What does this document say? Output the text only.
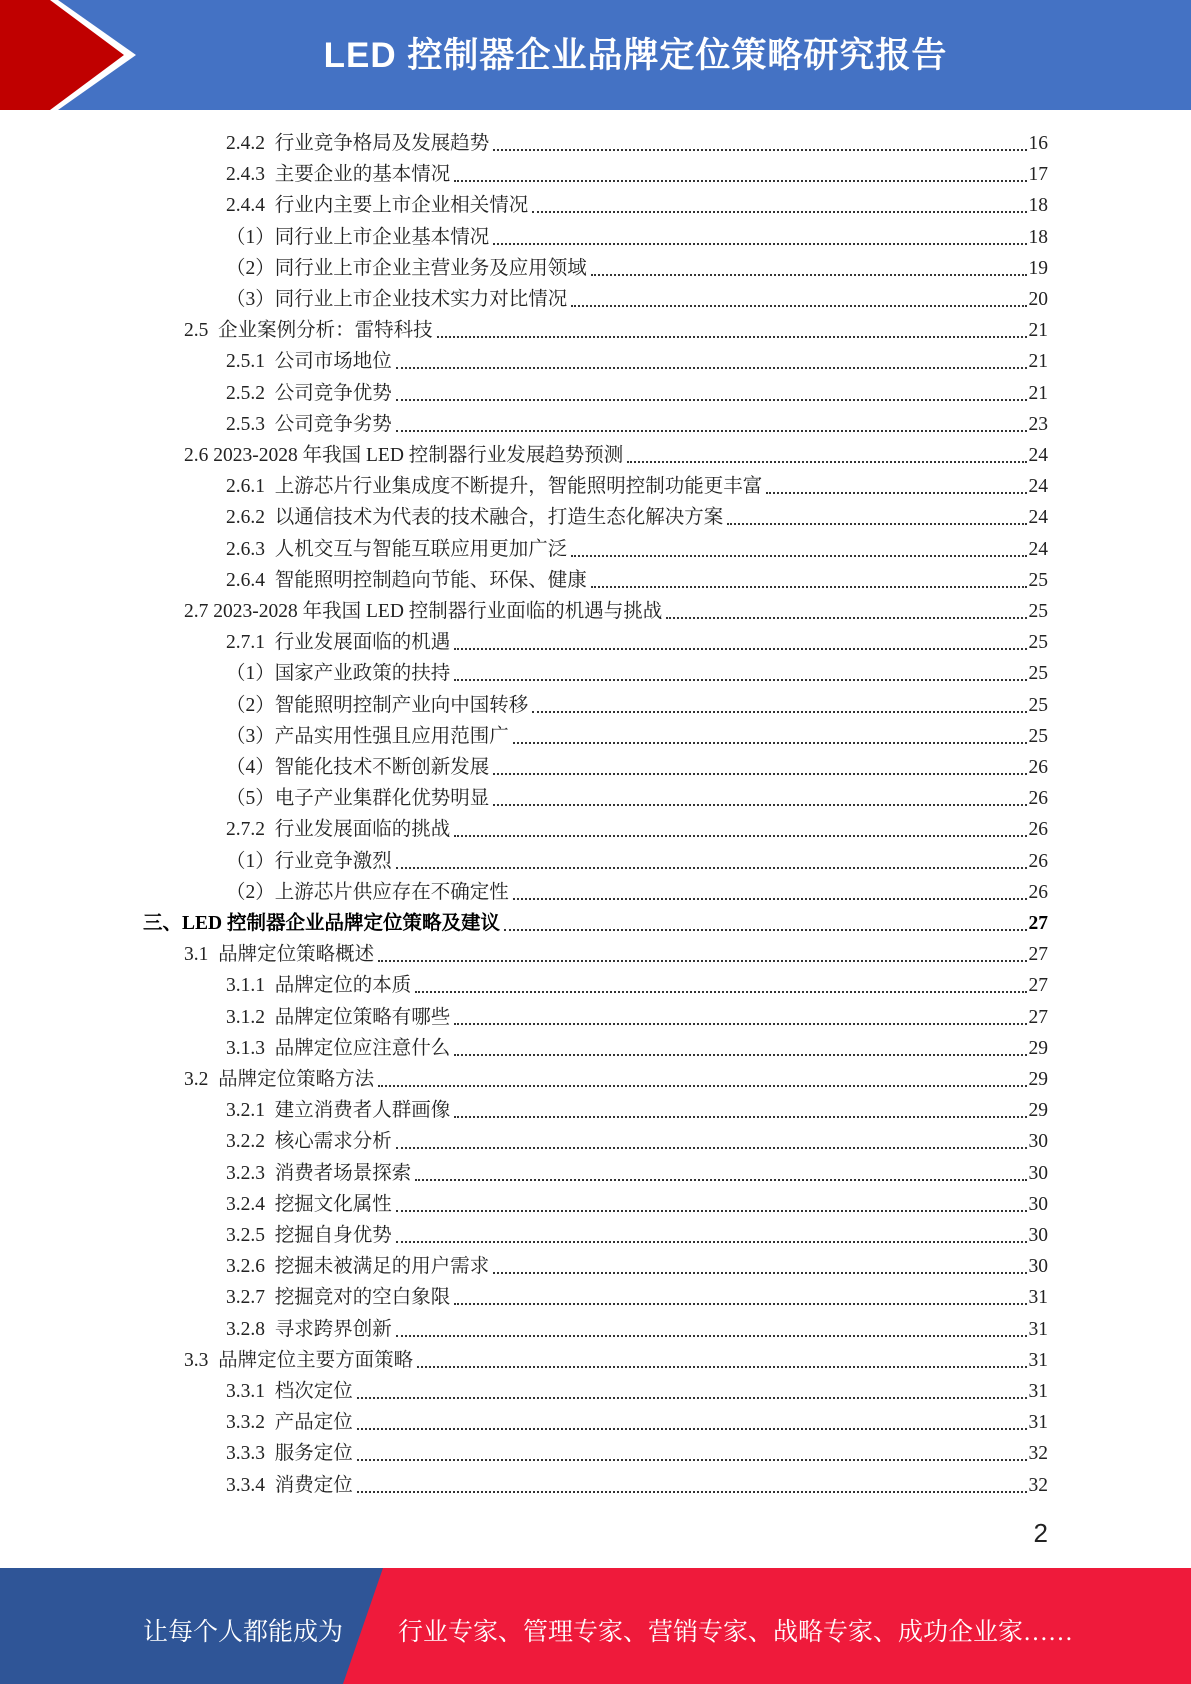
LED 控制器企业品牌定位策略研究报告
2.4.2  行业竞争格局及发展趋势	16
2.4.3  主要企业的基本情况	17
2.4.4  行业内主要上市企业相关情况	18
（1）同行业上市企业基本情况	18
（2）同行业上市企业主营业务及应用领域	19
（3）同行业上市企业技术实力对比情况	20
2.5  企业案例分析：雷特科技	21
2.5.1  公司市场地位	21
2.5.2  公司竞争优势	21
2.5.3  公司竞争劣势	23
2.6 2023-2028 年我国 LED 控制器行业发展趋势预测	24
2.6.1  上游芯片行业集成度不断提升，智能照明控制功能更丰富	24
2.6.2  以通信技术为代表的技术融合，打造生态化解决方案	24
2.6.3  人机交互与智能互联应用更加广泛	24
2.6.4  智能照明控制趋向节能、环保、健康	25
2.7 2023-2028 年我国 LED 控制器行业面临的机遇与挑战	25
2.7.1  行业发展面临的机遇	25
（1）国家产业政策的扶持	25
（2）智能照明控制产业向中国转移	25
（3）产品实用性强且应用范围广	25
（4）智能化技术不断创新发展	26
（5）电子产业集群化优势明显	26
2.7.2  行业发展面临的挑战	26
（1）行业竞争激烈	26
（2）上游芯片供应存在不确定性	26
三、LED 控制器企业品牌定位策略及建议	27
3.1  品牌定位策略概述	27
3.1.1  品牌定位的本质	27
3.1.2  品牌定位策略有哪些	27
3.1.3  品牌定位应注意什么	29
3.2  品牌定位策略方法	29
3.2.1  建立消费者人群画像	29
3.2.2  核心需求分析	30
3.2.3  消费者场景探索	30
3.2.4  挖掘文化属性	30
3.2.5  挖掘自身优势	30
3.2.6  挖掘未被满足的用户需求	30
3.2.7  挖掘竞对的空白象限	31
3.2.8  寻求跨界创新	31
3.3  品牌定位主要方面策略	31
3.3.1  档次定位	31
3.3.2  产品定位	31
3.3.3  服务定位	32
3.3.4  消费定位	32
2
让每个人都能成为 行业专家、管理专家、营销专家、战略专家、成功企业家……
